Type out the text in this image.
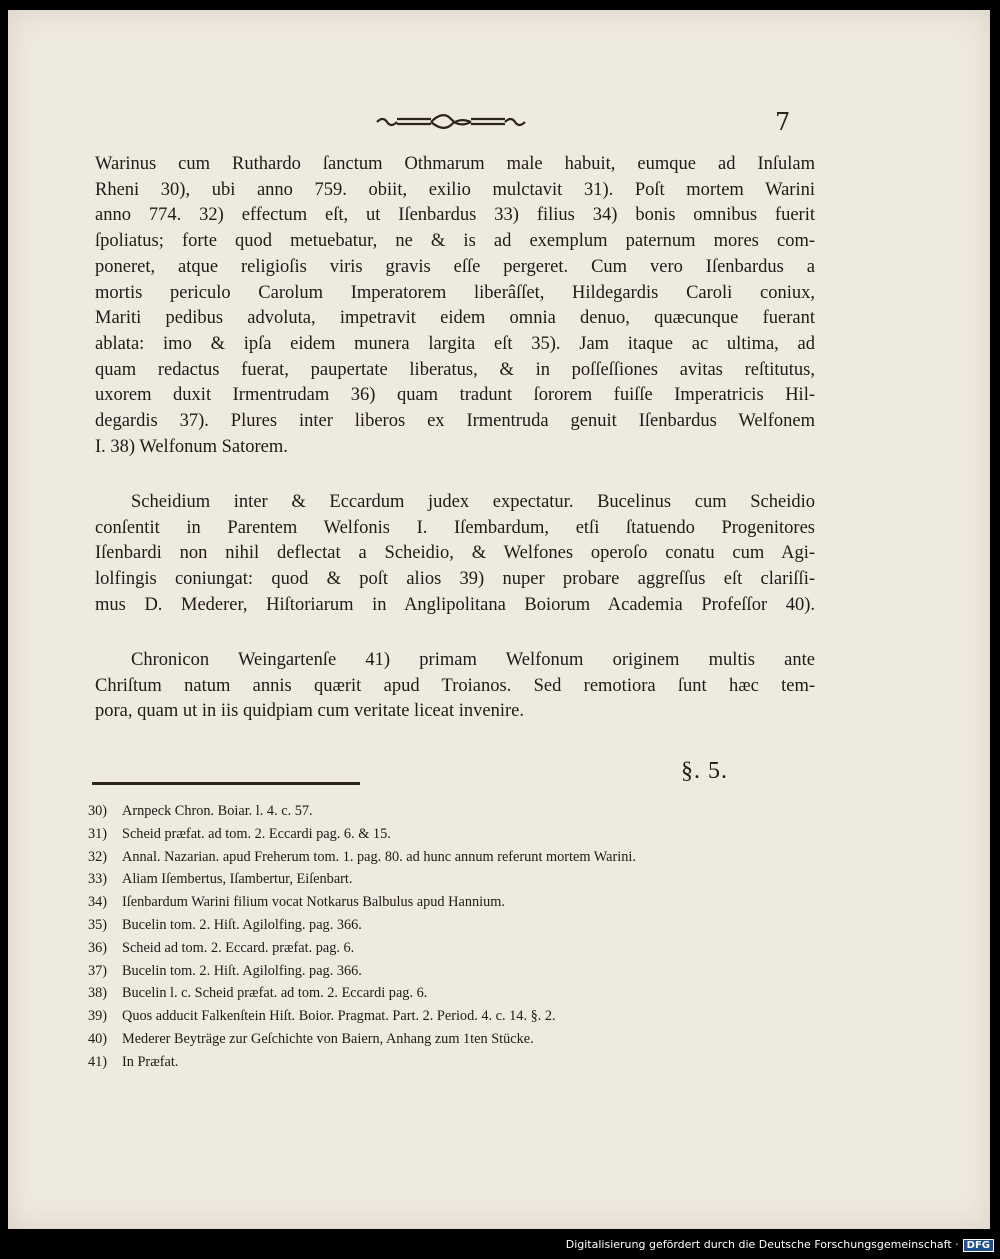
7
Warinus cum Ruthardo ſanctum Othmarum male habuit, eumque ad Inſulam
Rheni 30), ubi anno 759. obiit, exilio mulctavit 31). Poſt mortem Warini
anno 774. 32) effectum eſt, ut Iſenbardus 33) filius 34) bonis omnibus fuerit
ſpoliatus; forte quod metuebatur, ne & is ad exemplum paternum mores com-
poneret, atque religioſis viris gravis eſſe pergeret. Cum vero Iſenbardus a
mortis periculo Carolum Imperatorem liberâſſet, Hildegardis Caroli coniux,
Mariti pedibus advoluta, impetravit eidem omnia denuo, quæcunque fuerant
ablata: imo & ipſa eidem munera largita eſt 35). Jam itaque ac ultima, ad
quam redactus fuerat, paupertate liberatus, & in poſſeſſiones avitas reſtitutus,
uxorem duxit Irmentrudam 36) quam tradunt ſororem fuiſſe Imperatricis Hil-
degardis 37). Plures inter liberos ex Irmentruda genuit Iſenbardus Welfonem
I. 38) Welfonum Satorem.
Scheidium inter & Eccardum judex expectatur. Bucelinus cum Scheidio
conſentit in Parentem Welfonis I. Iſembardum, etſi ſtatuendo Progenitores
Iſenbardi non nihil deflectat a Scheidio, & Welfones operoſo conatu cum Agi-
lolfingis coniungat: quod & poſt alios 39) nuper probare aggreſſus eſt clariſſi-
mus D. Mederer, Hiſtoriarum in Anglipolitana Boiorum Academia Profeſſor 40).
Chronicon Weingartenſe 41) primam Welfonum originem multis ante
Chriſtum natum annis quærit apud Troianos. Sed remotiora ſunt hæc tem-
pora, quam ut in iis quidpiam cum veritate liceat invenire.
§. 5.
30) Arnpeck Chron. Boiar. l. 4. c. 57.
31) Scheid præfat. ad tom. 2. Eccardi pag. 6. & 15.
32) Annal. Nazarian. apud Freherum tom. 1. pag. 80. ad hunc annum referunt mortem Warini.
33) Aliam Iſembertus, Iſambertur, Eiſenbart.
34) Iſenbardum Warini filium vocat Notkarus Balbulus apud Hannium.
35) Bucelin tom. 2. Hiſt. Agilolfing. pag. 366.
36) Scheid ad tom. 2. Eccard. præfat. pag. 6.
37) Bucelin tom. 2. Hiſt. Agilolfing. pag. 366.
38) Bucelin l. c. Scheid præfat. ad tom. 2. Eccardi pag. 6.
39) Quos adducit Falkenſtein Hiſt. Boior. Pragmat. Part. 2. Period. 4. c. 14. §. 2.
40) Mederer Beyträge zur Geſchichte von Baiern, Anhang zum 1ten Stücke.
41) In Præfat.
Digitalisierung gefördert durch die Deutsche Forschungsgemeinschaft · DFG
